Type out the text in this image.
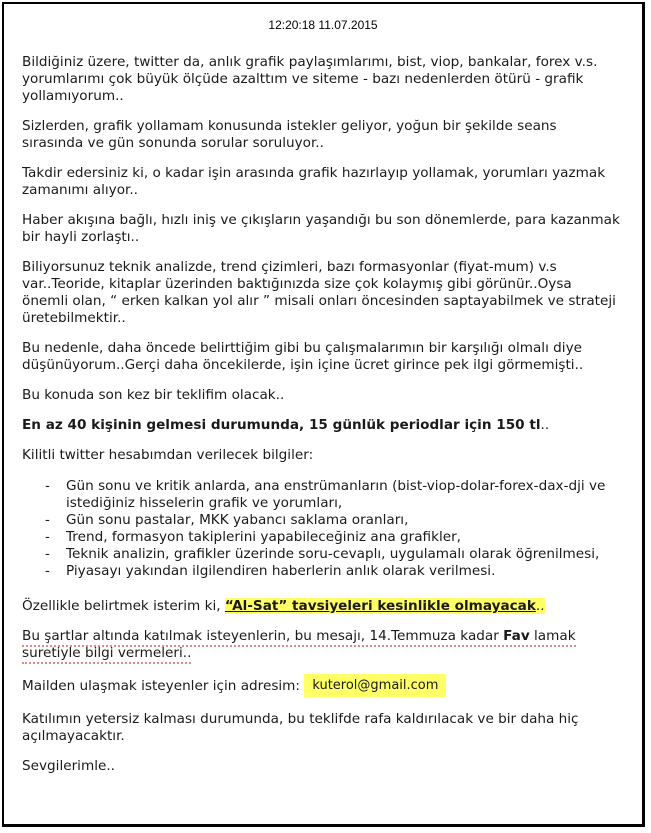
12:20:18 11.07.2015

Bildiğiniz üzere, twitter da, anlık grafik paylaşımlarımı, bist, viop, bankalar, forex v.s. yorumlarımı çok büyük ölçüde azalttım ve siteme - bazı nedenlerden ötürü - grafik yollamıyorum..

Sizlerden, grafik yollamam konusunda istekler geliyor, yoğun bir şekilde seans sırasında ve gün sonunda sorular soruluyor..

Takdir edersiniz ki, o kadar işin arasında grafik hazırlayıp yollamak, yorumları yazmak zamanımı alıyor..

Haber akışına bağlı, hızlı iniş ve çıkışların yaşandığı bu son dönemlerde, para kazanmak bir hayli zorlaştı..

Biliyorsunuz teknik analizde, trend çizimleri, bazı formasyonlar (fiyat-mum) v.s var..Teoride, kitaplar üzerinden baktığınızda size çok kolaymış gibi görünür..Oysa önemli olan, “ erken kalkan yol alır ” misali onları öncesinden saptayabilmek ve strateji üretebilmektir..

Bu nedenle, daha öncede belirttiğim gibi bu çalışmalarımın bir karşılığı olmalı diye düşünüyorum..Gerçi daha öncekilerde, işin içine ücret girince pek ilgi görmemişti..

Bu konuda son kez bir teklifim olacak..

En az 40 kişinin gelmesi durumunda, 15 günlük periodlar için 150 tl..

Kilitli twitter hesabımdan verilecek bilgiler:

- Gün sonu ve kritik anlarda, ana enstrümanların (bist-viop-dolar-forex-dax-dji ve istediğiniz hisselerin grafik ve yorumları,
- Gün sonu pastalar, MKK yabancı saklama oranları,
- Trend, formasyon takiplerini yapabileceğiniz ana grafikler,
- Teknik analizin, grafikler üzerinde soru-cevaplı, uygulamalı olarak öğrenilmesi,
- Piyasayı yakından ilgilendiren haberlerin anlık olarak verilmesi.

Özellikle belirtmek isterim ki, “Al-Sat” tavsiyeleri kesinlikle olmayacak..

Bu şartlar altında katılmak isteyenlerin, bu mesajı, 14.Temmuza kadar Fav lamak suretiyle bilgi vermeleri..

Mailden ulaşmak isteyenler için adresim: kuterol@gmail.com

Katılımın yetersiz kalması durumunda, bu teklifde rafa kaldırılacak ve bir daha hiç açılmayacaktır.

Sevgilerimle..
